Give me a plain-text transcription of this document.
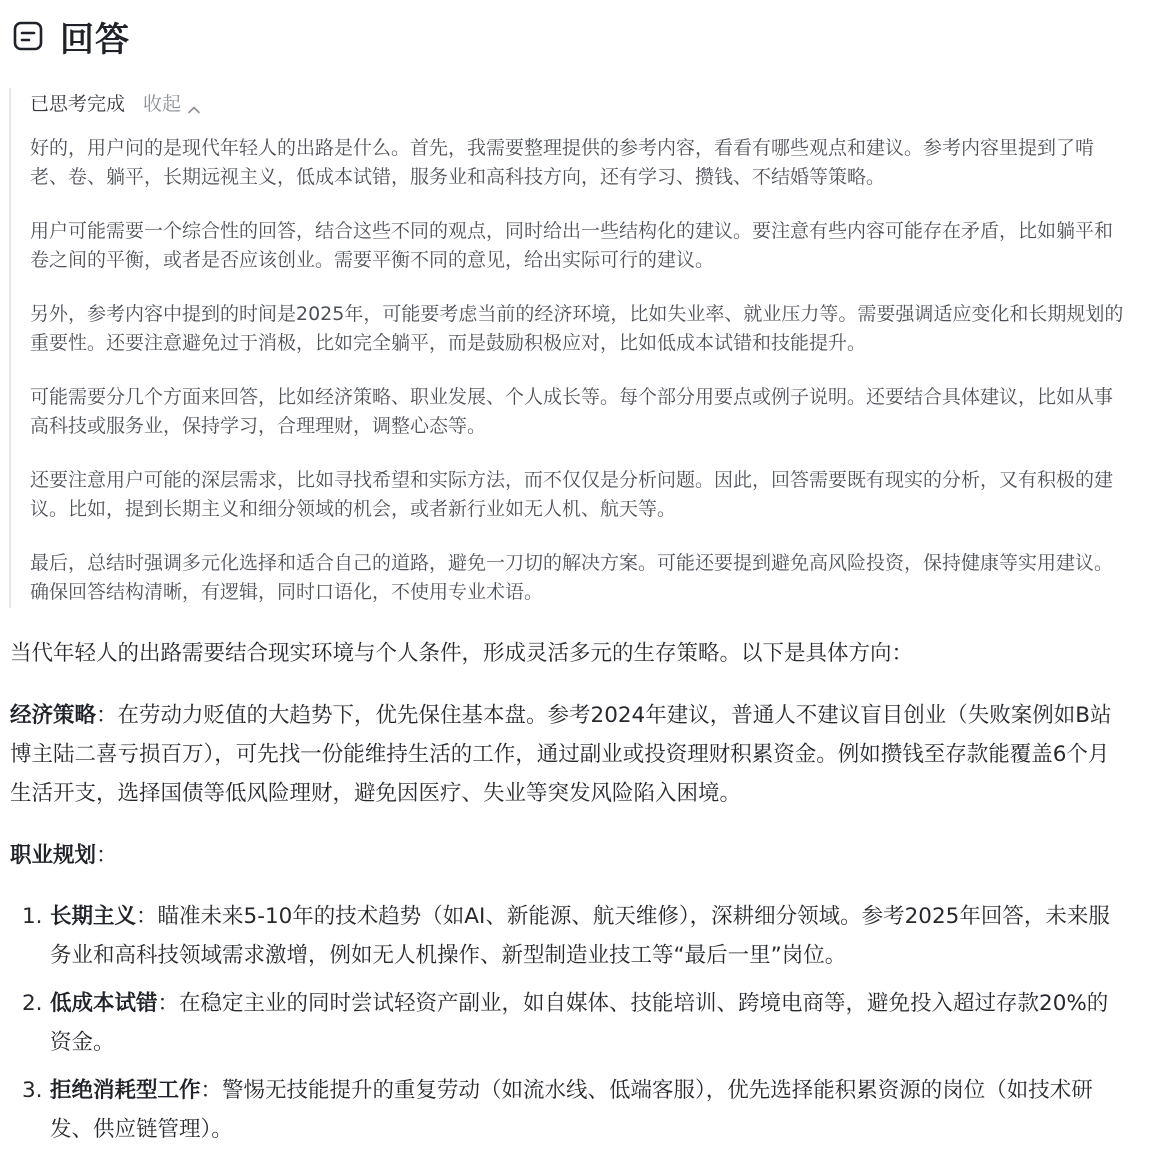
回答
已思考完成 收起

好的，用户问的是现代年轻人的出路是什么。首先，我需要整理提供的参考内容，看看有哪些观点和建议。参考内容里提到了啃老、卷、躺平，长期远视主义，低成本试错，服务业和高科技方向，还有学习、攒钱、不结婚等策略。

用户可能需要一个综合性的回答，结合这些不同的观点，同时给出一些结构化的建议。要注意有些内容可能存在矛盾，比如躺平和卷之间的平衡，或者是否应该创业。需要平衡不同的意见，给出实际可行的建议。

另外，参考内容中提到的时间是2025年，可能要考虑当前的经济环境，比如失业率、就业压力等。需要强调适应变化和长期规划的重要性。还要注意避免过于消极，比如完全躺平，而是鼓励积极应对，比如低成本试错和技能提升。

可能需要分几个方面来回答，比如经济策略、职业发展、个人成长等。每个部分用要点或例子说明。还要结合具体建议，比如从事高科技或服务业，保持学习，合理理财，调整心态等。

还要注意用户可能的深层需求，比如寻找希望和实际方法，而不仅仅是分析问题。因此，回答需要既有现实的分析，又有积极的建议。比如，提到长期主义和细分领域的机会，或者新行业如无人机、航天等。

最后，总结时强调多元化选择和适合自己的道路，避免一刀切的解决方案。可能还要提到避免高风险投资，保持健康等实用建议。确保回答结构清晰，有逻辑，同时口语化，不使用专业术语。

当代年轻人的出路需要结合现实环境与个人条件，形成灵活多元的生存策略。以下是具体方向：

经济策略：在劳动力贬值的大趋势下，优先保住基本盘。参考2024年建议，普通人不建议盲目创业（失败案例如B站博主陆二喜亏损百万），可先找一份能维持生活的工作，通过副业或投资理财积累资金。例如攒钱至存款能覆盖6个月生活开支，选择国债等低风险理财，避免因医疗、失业等突发风险陷入困境。

职业规划：

1. 长期主义：瞄准未来5-10年的技术趋势（如AI、新能源、航天维修），深耕细分领域。参考2025年回答，未来服务业和高科技领域需求激增，例如无人机操作、新型制造业技工等“最后一里”岗位。
2. 低成本试错：在稳定主业的同时尝试轻资产副业，如自媒体、技能培训、跨境电商等，避免投入超过存款20%的资金。
3. 拒绝消耗型工作：警惕无技能提升的重复劳动（如流水线、低端客服），优先选择能积累资源的岗位（如技术研发、供应链管理）。
